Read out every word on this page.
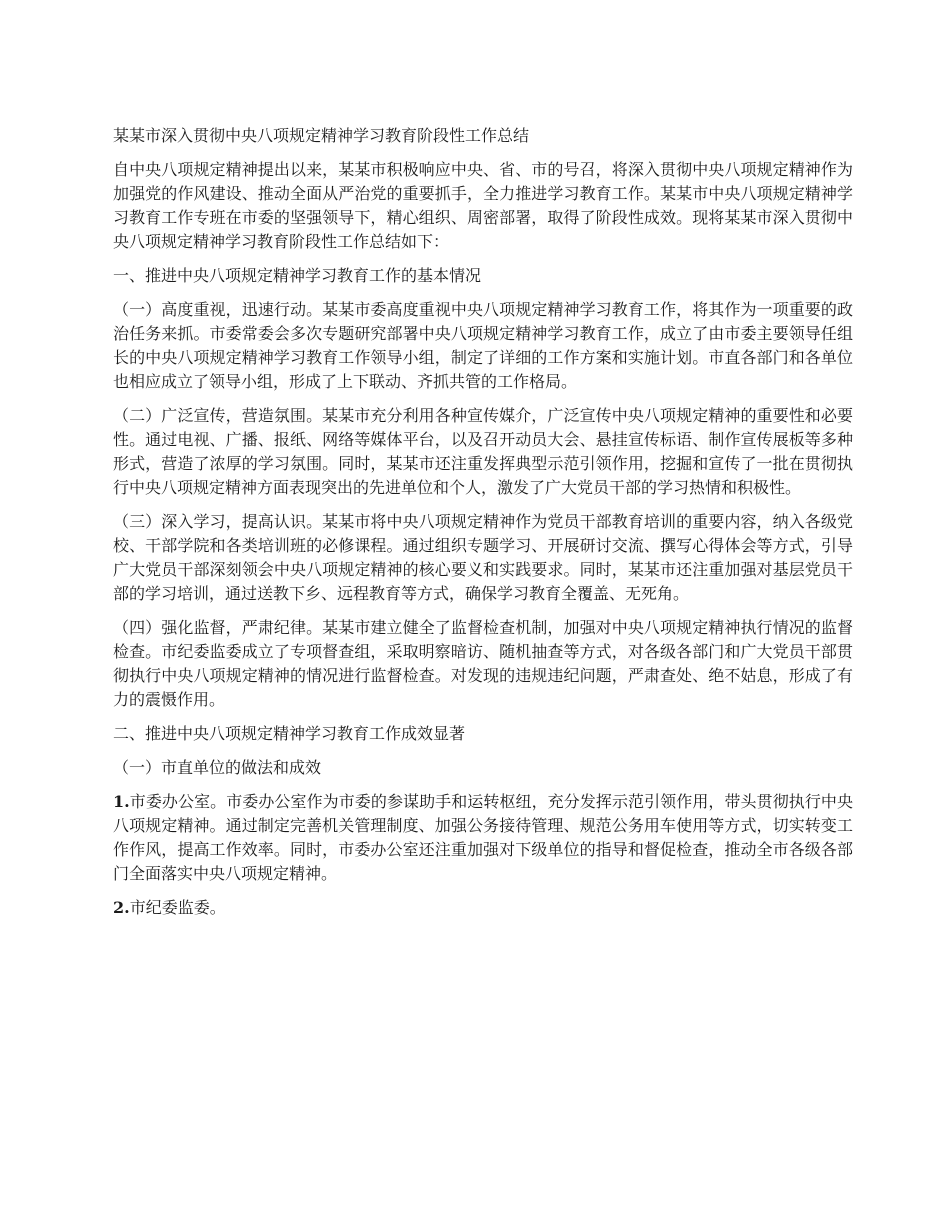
某某市深入贯彻中央八项规定精神学习教育阶段性工作总结

自中央八项规定精神提出以来，某某市积极响应中央、省、市的号召，将深入贯彻中央八项规定精神作为加强党的作风建设、推动全面从严治党的重要抓手，全力推进学习教育工作。某某市中央八项规定精神学习教育工作专班在市委的坚强领导下，精心组织、周密部署，取得了阶段性成效。现将某某市深入贯彻中央八项规定精神学习教育阶段性工作总结如下：

一、推进中央八项规定精神学习教育工作的基本情况

（一）高度重视，迅速行动。某某市委高度重视中央八项规定精神学习教育工作，将其作为一项重要的政治任务来抓。市委常委会多次专题研究部署中央八项规定精神学习教育工作，成立了由市委主要领导任组长的中央八项规定精神学习教育工作领导小组，制定了详细的工作方案和实施计划。市直各部门和各单位也相应成立了领导小组，形成了上下联动、齐抓共管的工作格局。

（二）广泛宣传，营造氛围。某某市充分利用各种宣传媒介，广泛宣传中央八项规定精神的重要性和必要性。通过电视、广播、报纸、网络等媒体平台，以及召开动员大会、悬挂宣传标语、制作宣传展板等多种形式，营造了浓厚的学习氛围。同时，某某市还注重发挥典型示范引领作用，挖掘和宣传了一批在贯彻执行中央八项规定精神方面表现突出的先进单位和个人，激发了广大党员干部的学习热情和积极性。

（三）深入学习，提高认识。某某市将中央八项规定精神作为党员干部教育培训的重要内容，纳入各级党校、干部学院和各类培训班的必修课程。通过组织专题学习、开展研讨交流、撰写心得体会等方式，引导广大党员干部深刻领会中央八项规定精神的核心要义和实践要求。同时，某某市还注重加强对基层党员干部的学习培训，通过送教下乡、远程教育等方式，确保学习教育全覆盖、无死角。

（四）强化监督，严肃纪律。某某市建立健全了监督检查机制，加强对中央八项规定精神执行情况的监督检查。市纪委监委成立了专项督查组，采取明察暗访、随机抽查等方式，对各级各部门和广大党员干部贯彻执行中央八项规定精神的情况进行监督检查。对发现的违规违纪问题，严肃查处、绝不姑息，形成了有力的震慑作用。

二、推进中央八项规定精神学习教育工作成效显著

（一）市直单位的做法和成效

1.市委办公室。市委办公室作为市委的参谋助手和运转枢纽，充分发挥示范引领作用，带头贯彻执行中央八项规定精神。通过制定完善机关管理制度、加强公务接待管理、规范公务用车使用等方式，切实转变工作作风，提高工作效率。同时，市委办公室还注重加强对下级单位的指导和督促检查，推动全市各级各部门全面落实中央八项规定精神。

2.市纪委监委。
